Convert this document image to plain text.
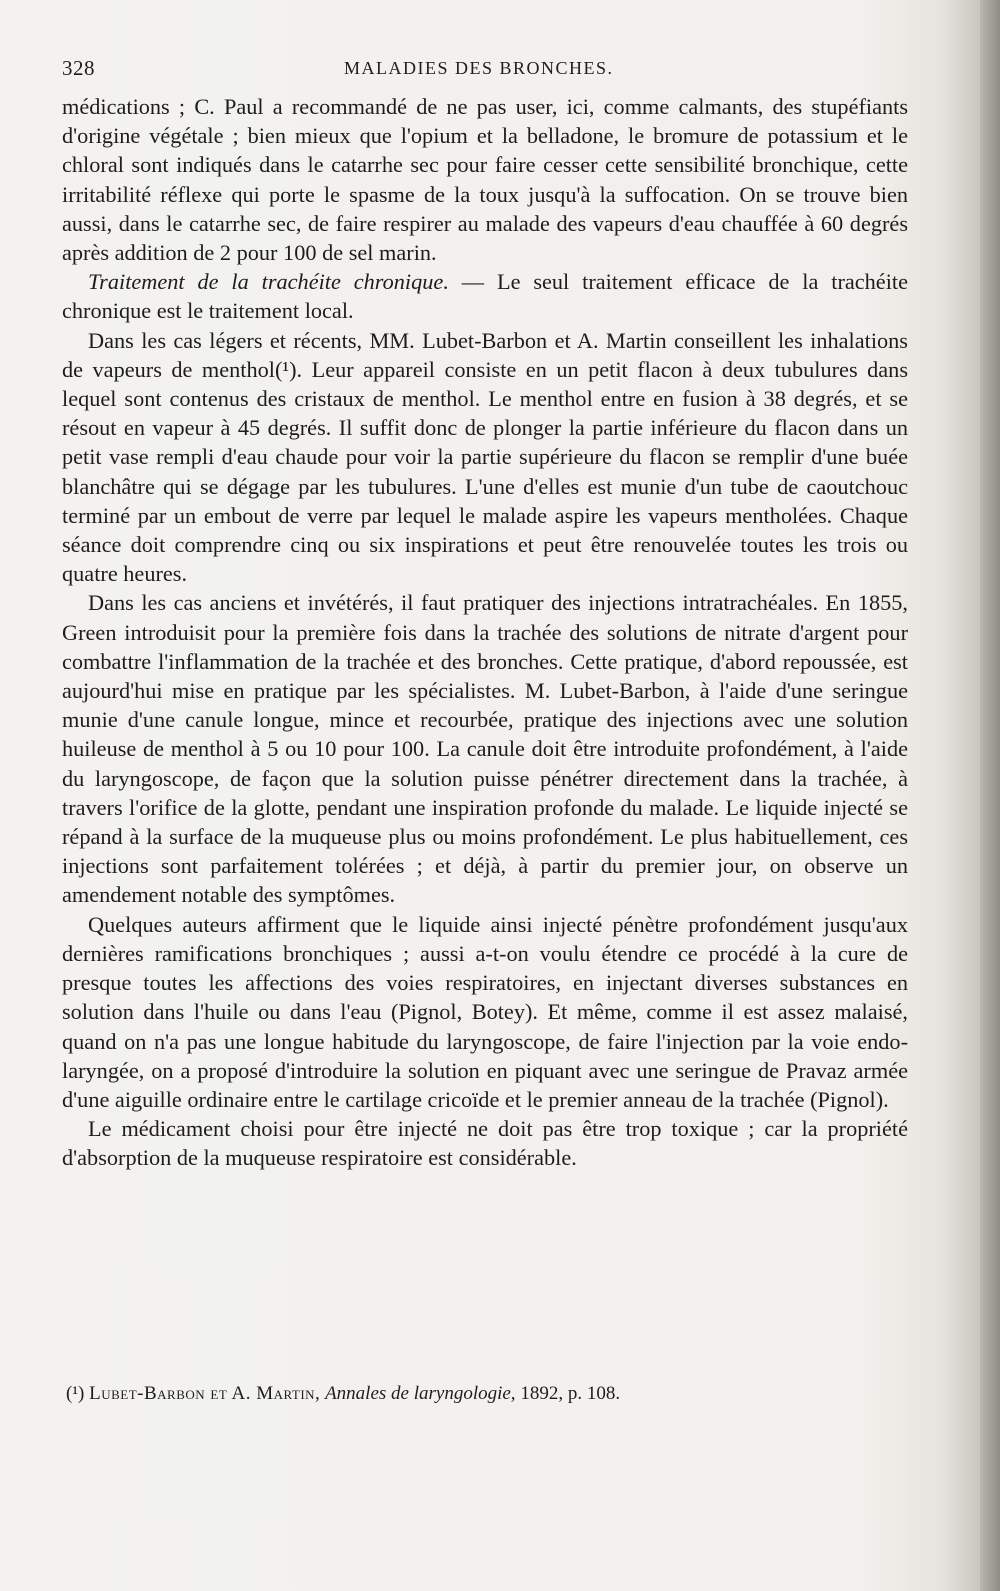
328	MALADIES DES BRONCHES.

médications ; C. Paul a recommandé de ne pas user, ici, comme calmants, des stupéfiants d'origine végétale ; bien mieux que l'opium et la belladone, le bromure de potassium et le chloral sont indiqués dans le catarrhe sec pour faire cesser cette sensibilité bronchique, cette irritabilité réflexe qui porte le spasme de la toux jusqu'à la suffocation. On se trouve bien aussi, dans le catarrhe sec, de faire respirer au malade des vapeurs d'eau chauffée à 60 degrés après addition de 2 pour 100 de sel marin.

Traitement de la trachéite chronique. — Le seul traitement efficace de la trachéite chronique est le traitement local.

Dans les cas légers et récents, MM. Lubet-Barbon et A. Martin conseillent les inhalations de vapeurs de menthol(¹). Leur appareil consiste en un petit flacon à deux tubulures dans lequel sont contenus des cristaux de menthol. Le menthol entre en fusion à 38 degrés, et se résout en vapeur à 45 degrés. Il suffit donc de plonger la partie inférieure du flacon dans un petit vase rempli d'eau chaude pour voir la partie supérieure du flacon se remplir d'une buée blanchâtre qui se dégage par les tubulures. L'une d'elles est munie d'un tube de caoutchouc terminé par un embout de verre par lequel le malade aspire les vapeurs mentholées. Chaque séance doit comprendre cinq ou six inspirations et peut être renouvelée toutes les trois ou quatre heures.

Dans les cas anciens et invétérés, il faut pratiquer des injections intratrachéales. En 1855, Green introduisit pour la première fois dans la trachée des solutions de nitrate d'argent pour combattre l'inflammation de la trachée et des bronches. Cette pratique, d'abord repoussée, est aujourd'hui mise en pratique par les spécialistes. M. Lubet-Barbon, à l'aide d'une seringue munie d'une canule longue, mince et recourbée, pratique des injections avec une solution huileuse de menthol à 5 ou 10 pour 100. La canule doit être introduite profondément, à l'aide du laryngoscope, de façon que la solution puisse pénétrer directement dans la trachée, à travers l'orifice de la glotte, pendant une inspiration profonde du malade. Le liquide injecté se répand à la surface de la muqueuse plus ou moins profondément. Le plus habituellement, ces injections sont parfaitement tolérées ; et déjà, à partir du premier jour, on observe un amendement notable des symptômes.

Quelques auteurs affirment que le liquide ainsi injecté pénètre profondément jusqu'aux dernières ramifications bronchiques ; aussi a-t-on voulu étendre ce procédé à la cure de presque toutes les affections des voies respiratoires, en injectant diverses substances en solution dans l'huile ou dans l'eau (Pignol, Botey). Et même, comme il est assez malaisé, quand on n'a pas une longue habitude du laryngoscope, de faire l'injection par la voie endo-laryngée, on a proposé d'introduire la solution en piquant avec une seringue de Pravaz armée d'une aiguille ordinaire entre le cartilage cricoïde et le premier anneau de la trachée (Pignol).

Le médicament choisi pour être injecté ne doit pas être trop toxique ; car la propriété d'absorption de la muqueuse respiratoire est considérable.

(¹) Lubet-Barbon et A. Martin, Annales de laryngologie, 1892, p. 108.
